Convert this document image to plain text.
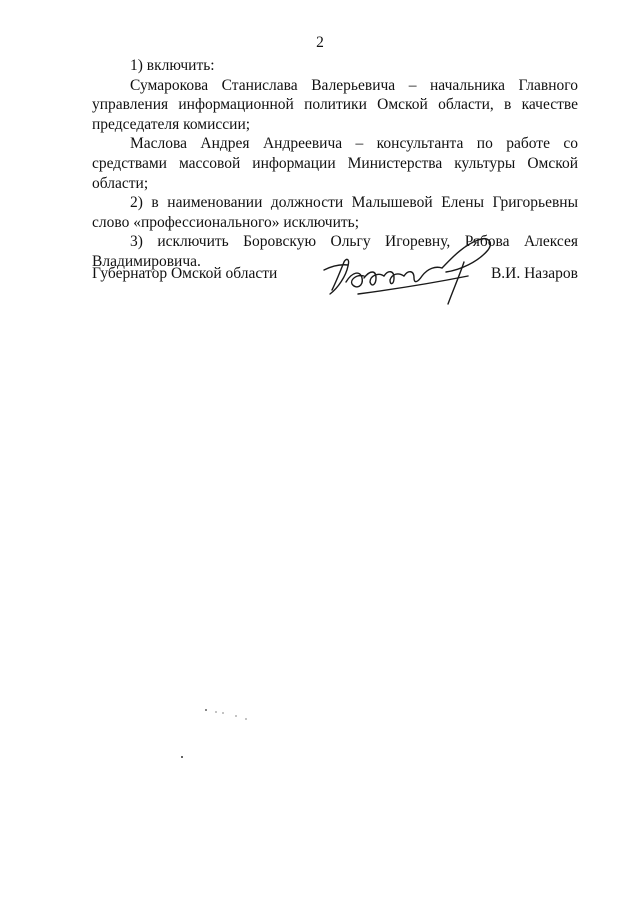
2

1) включить:

Сумарокова Станислава Валерьевича – начальника Главного управления информационной политики Омской области, в качестве председателя комиссии;

Маслова Андрея Андреевича – консультанта по работе со средствами массовой информации Министерства культуры Омской области;

2) в наименовании должности Малышевой Елены Григорьевны слово «профессионального» исключить;

3) исключить Боровскую Ольгу Игоревну, Рябова Алексея Владимировича.

Губернатор Омской области	В.И. Назаров
